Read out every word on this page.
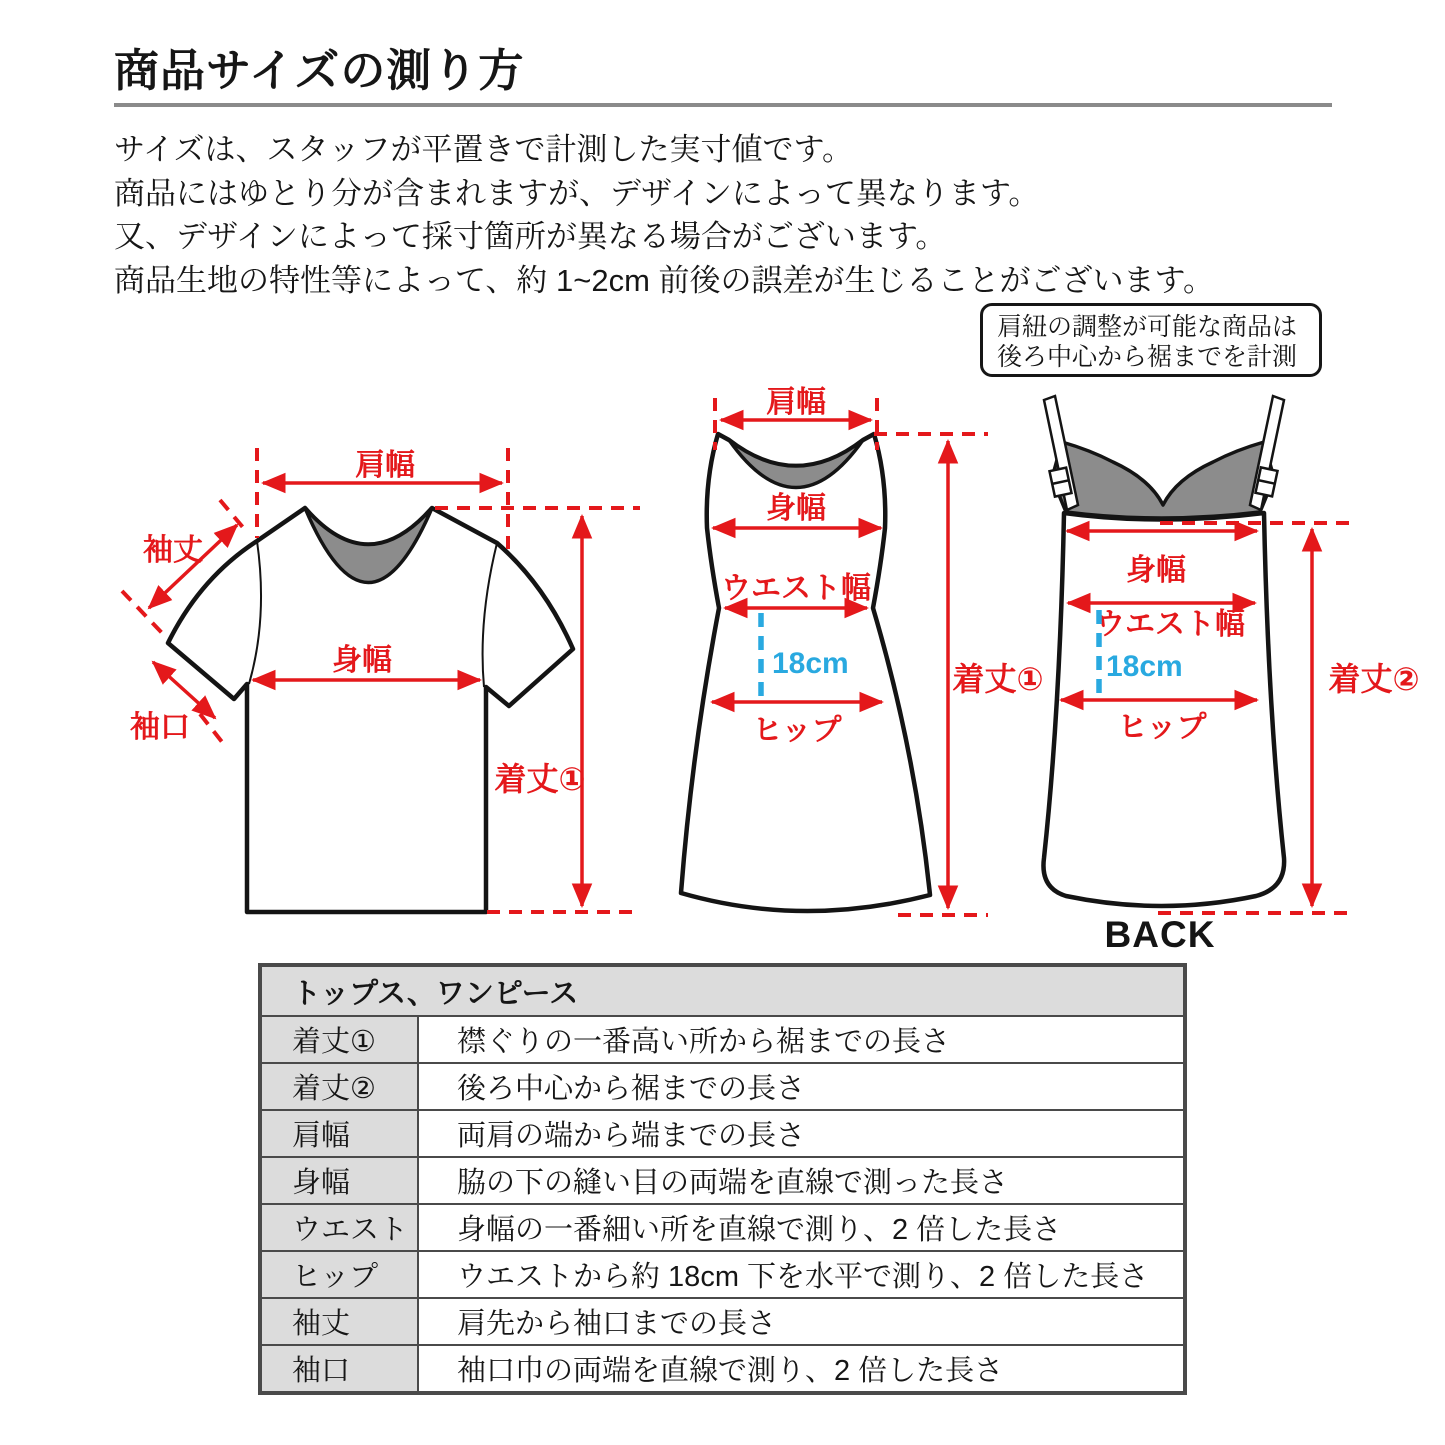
商品サイズの測り方
サイズは、スタッフが平置きで計測した実寸値です。
商品にはゆとり分が含まれますが、デザインによって異なります。
又、デザインによって採寸箇所が異なる場合がございます。
商品生地の特性等によって、約 1~2cm 前後の誤差が生じることがございます。
肩紐の調整が可能な商品は
後ろ中心から裾までを計測
肩幅
袖丈
袖口
身幅
着丈①
肩幅
身幅
ウエスト幅
18cm
ヒップ
着丈①
身幅
ウエスト幅
18cm
ヒップ
着丈②
BACK
トップス、ワンピース
着丈①	襟ぐりの一番高い所から裾までの長さ
着丈②	後ろ中心から裾までの長さ
肩幅	両肩の端から端までの長さ
身幅	脇の下の縫い目の両端を直線で測った長さ
ウエスト	身幅の一番細い所を直線で測り、2 倍した長さ
ヒップ	ウエストから約 18cm 下を水平で測り、2 倍した長さ
袖丈	肩先から袖口までの長さ
袖口	袖口巾の両端を直線で測り、2 倍した長さ
